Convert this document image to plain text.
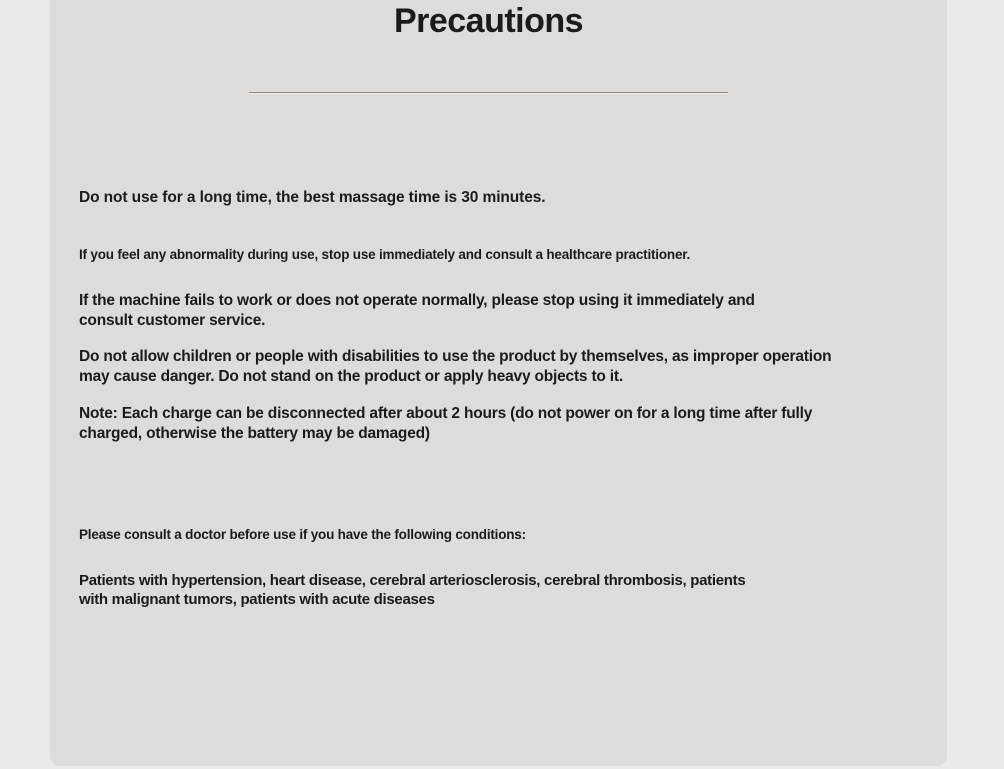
Precautions

Do not use for a long time, the best massage time is 30 minutes.

If you feel any abnormality during use, stop use immediately and consult a healthcare practitioner.

If the machine fails to work or does not operate normally, please stop using it immediately and
consult customer service.

Do not allow children or people with disabilities to use the product by themselves, as improper operation
may cause danger. Do not stand on the product or apply heavy objects to it.

Note: Each charge can be disconnected after about 2 hours (do not power on for a long time after fully
charged, otherwise the battery may be damaged)

Please consult a doctor before use if you have the following conditions:

Patients with hypertension, heart disease, cerebral arteriosclerosis, cerebral thrombosis, patients
with malignant tumors, patients with acute diseases
